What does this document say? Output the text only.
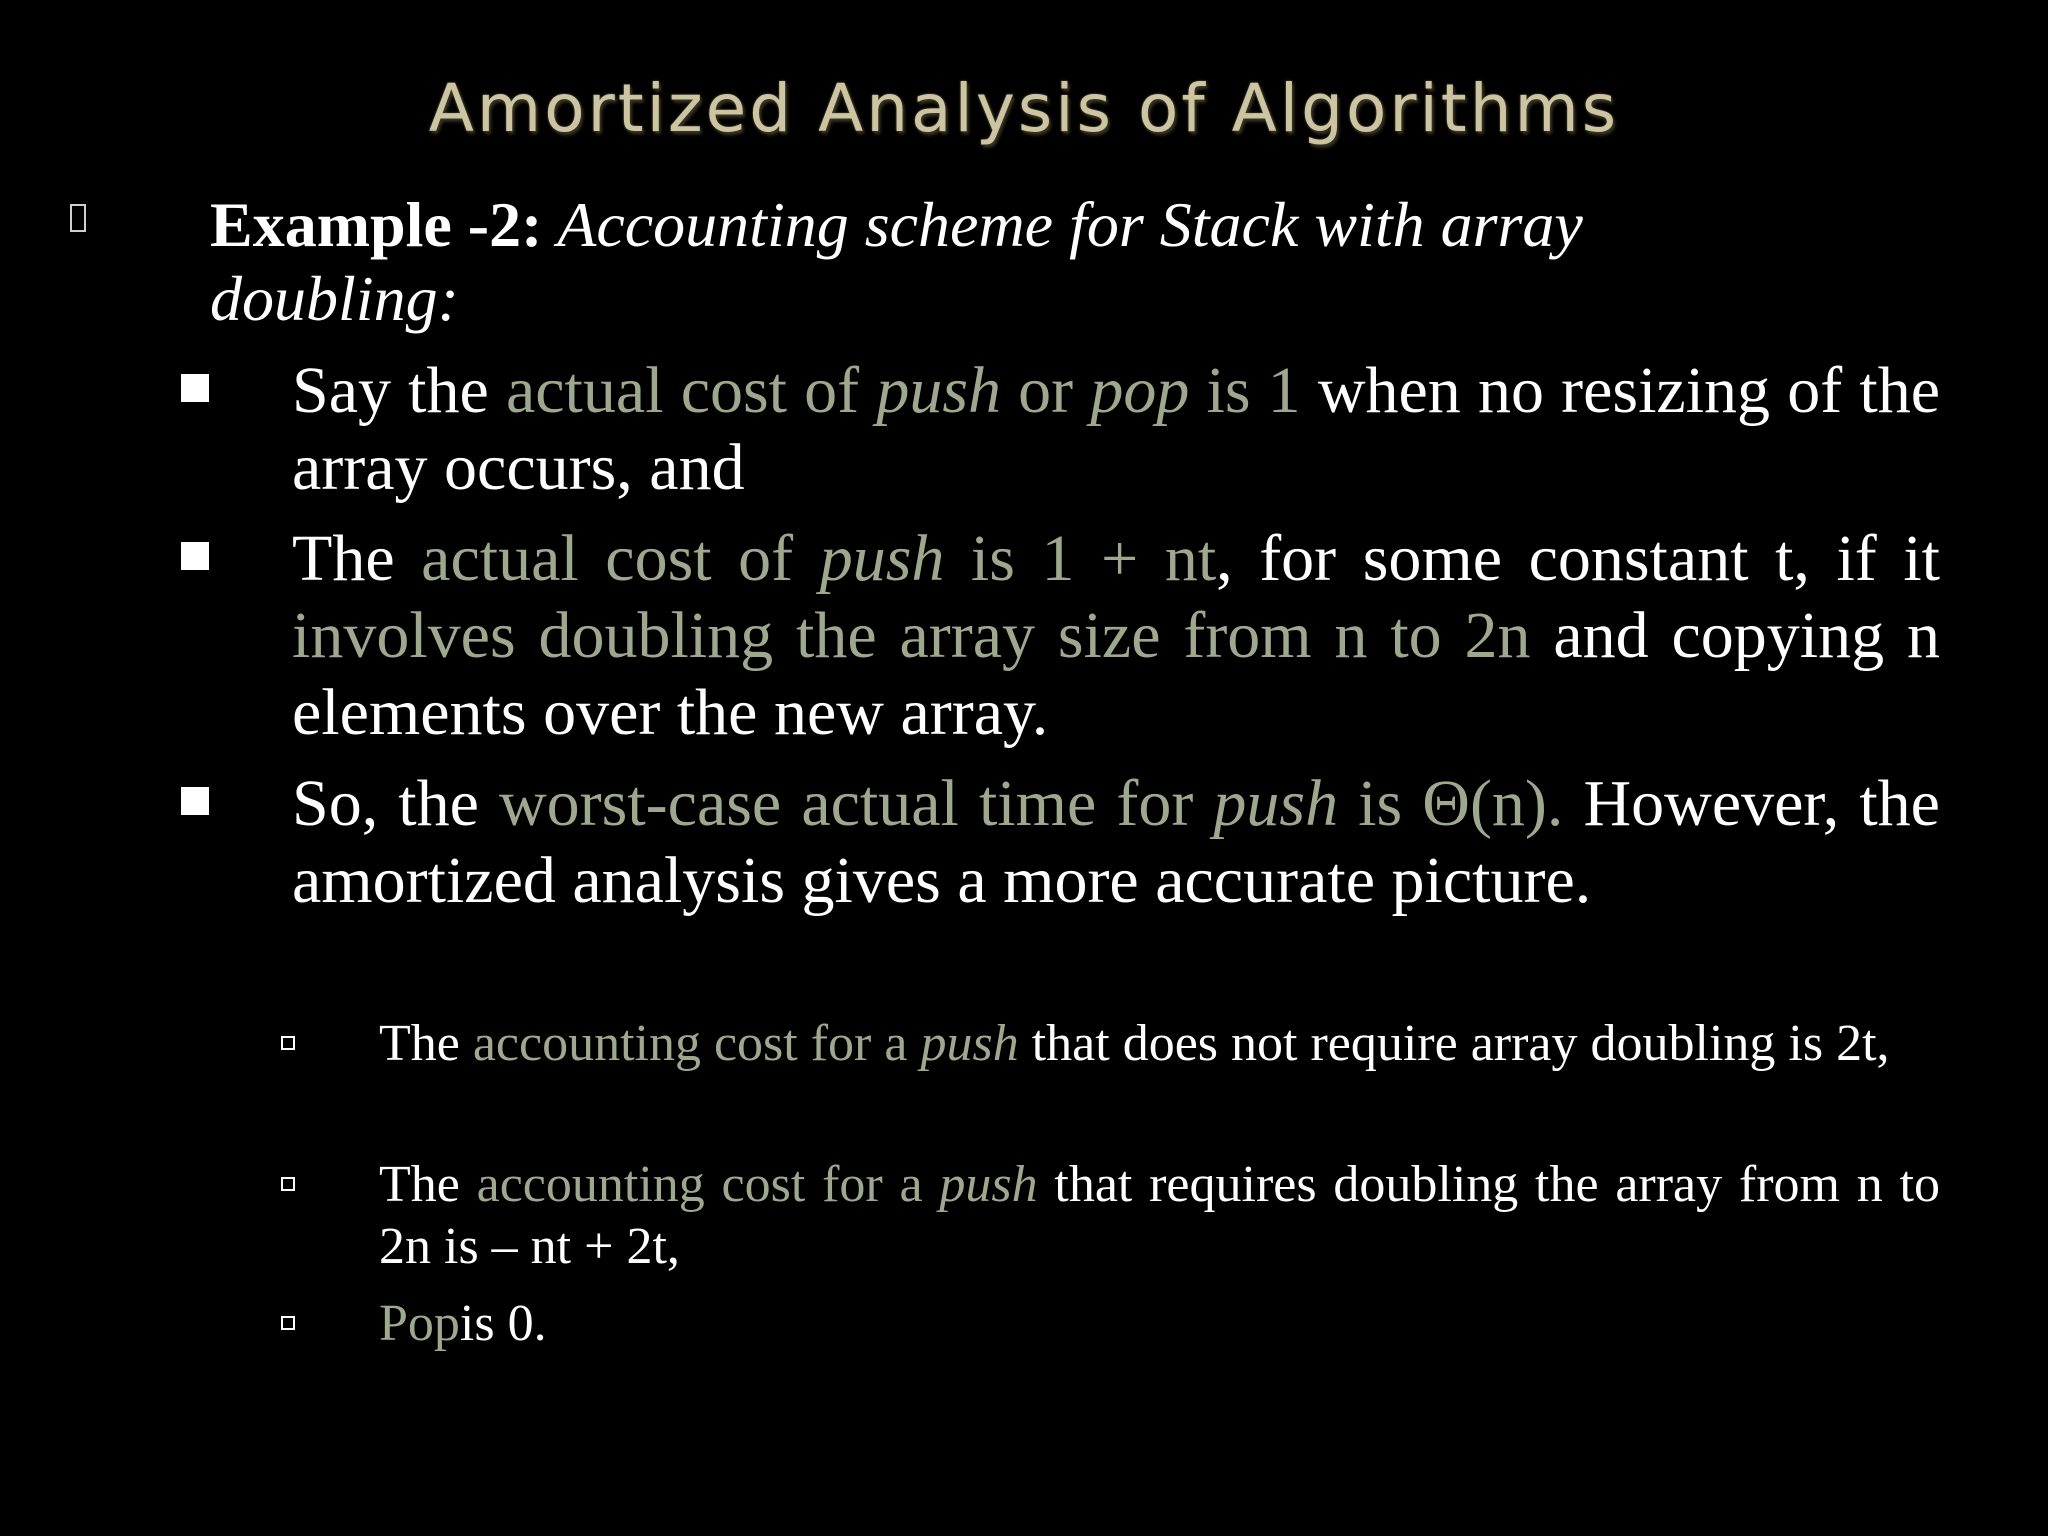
Amortized Analysis of Algorithms
Example -2: Accounting scheme for Stack with array
doubling:
Say the actual cost of push or pop is 1 when no resizing of the array occurs, and
The actual cost of push is 1 + nt, for some constant t, if it involves doubling the array size from n to 2n and copying n elements over the new array.
So, the worst-case actual time for push is Θ(n). However, the amortized analysis gives a more accurate picture.
The accounting cost for a push that does not require array doubling is 2t,
The accounting cost for a push that requires doubling the array from n to 2n is – nt + 2t,
Popis 0.
